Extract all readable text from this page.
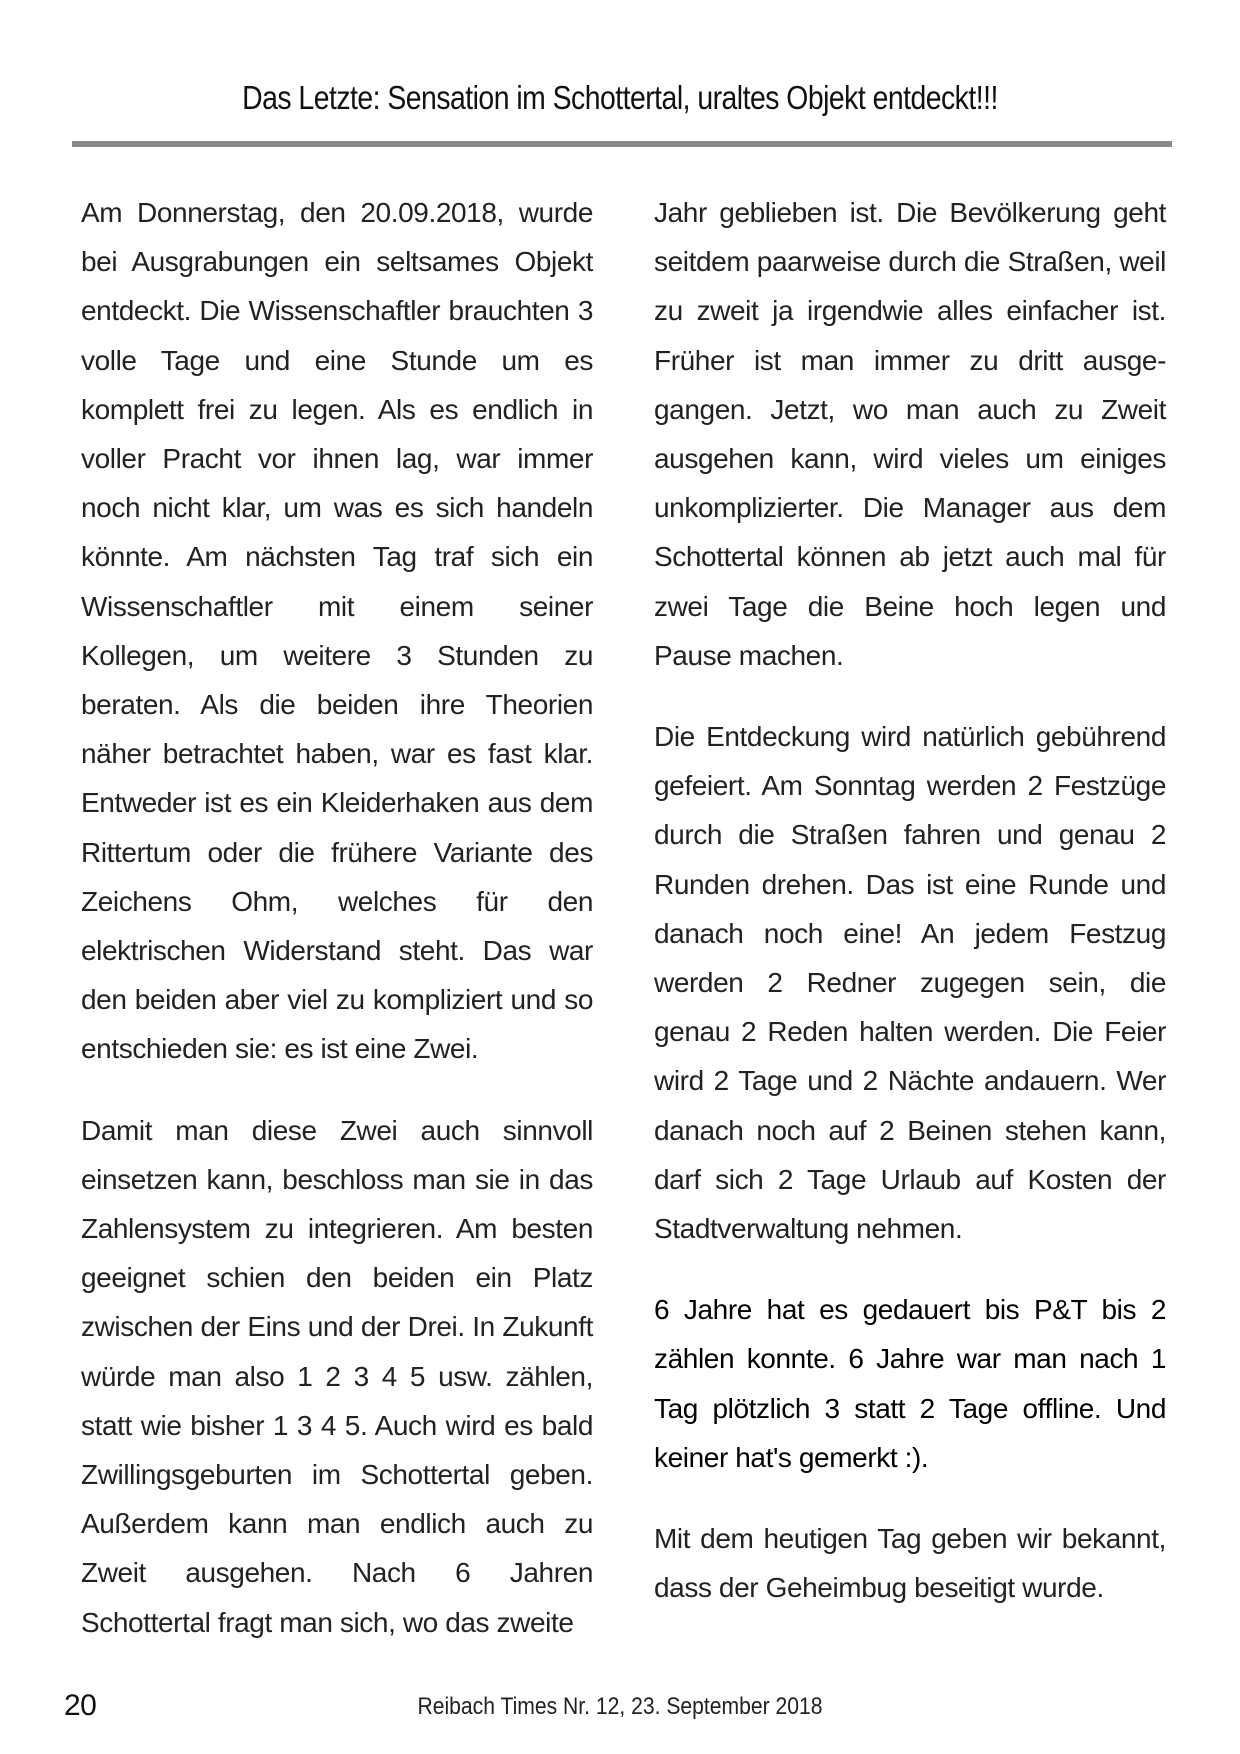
Das Letzte: Sensation im Schottertal, uraltes Objekt entdeckt!!!

Am Donnerstag, den 20.09.2018, wurde bei Ausgrabungen ein seltsames Objekt entdeckt. Die Wissenschaftler brauchten 3 volle Tage und eine Stunde um es komplett frei zu legen. Als es endlich in voller Pracht vor ihnen lag, war immer noch nicht klar, um was es sich handeln könnte. Am nächsten Tag traf sich ein Wissenschaftler mit einem seiner Kollegen, um weitere 3 Stunden zu beraten. Als die beiden ihre Theorien näher betrachtet haben, war es fast klar. Entweder ist es ein Kleiderhaken aus dem Rittertum oder die frühere Variante des Zeichens Ohm, welches für den elektrischen Widerstand steht. Das war den beiden aber viel zu kompliziert und so entschieden sie: es ist eine Zwei.

Damit man diese Zwei auch sinnvoll einsetzen kann, beschloss man sie in das Zahlensystem zu integrieren. Am besten geeignet schien den beiden ein Platz zwischen der Eins und der Drei. In Zukunft würde man also 1 2 3 4 5 usw. zählen, statt wie bisher 1 3 4 5. Auch wird es bald Zwillingsgeburten im Schottertal geben. Außerdem kann man endlich auch zu Zweit ausgehen. Nach 6 Jahren Schottertal fragt man sich, wo das zweite

Jahr geblieben ist. Die Bevölkerung geht seitdem paarweise durch die Straßen, weil zu zweit ja irgendwie alles einfacher ist. Früher ist man immer zu dritt ausge-gangen. Jetzt, wo man auch zu Zweit ausgehen kann, wird vieles um einiges unkomplizierter. Die Manager aus dem Schottertal können ab jetzt auch mal für zwei Tage die Beine hoch legen und Pause machen.

Die Entdeckung wird natürlich gebührend gefeiert. Am Sonntag werden 2 Festzüge durch die Straßen fahren und genau 2 Runden drehen. Das ist eine Runde und danach noch eine! An jedem Festzug werden 2 Redner zugegen sein, die genau 2 Reden halten werden. Die Feier wird 2 Tage und 2 Nächte andauern. Wer danach noch auf 2 Beinen stehen kann, darf sich 2 Tage Urlaub auf Kosten der Stadtverwaltung nehmen.

6 Jahre hat es gedauert bis P&T bis 2 zählen konnte. 6 Jahre war man nach 1 Tag plötzlich 3 statt 2 Tage offline. Und keiner hat's gemerkt :).

Mit dem heutigen Tag geben wir bekannt, dass der Geheimbug beseitigt wurde.

20	Reibach Times Nr. 12, 23. September 2018
